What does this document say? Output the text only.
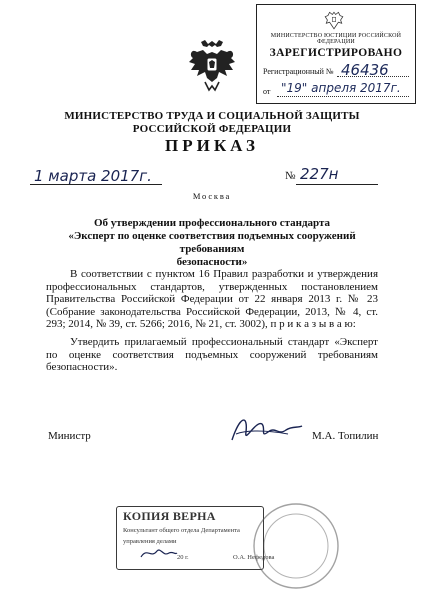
МИНИСТЕРСТВО ЮСТИЦИИ РОССИЙСКОЙ ФЕДЕРАЦИИ
ЗАРЕГИСТРИРОВАНО
Регистрационный № 46436
от "19" апреля 2017г.
МИНИСТЕРСТВО ТРУДА И СОЦИАЛЬНОЙ ЗАЩИТЫ
РОССИЙСКОЙ ФЕДЕРАЦИИ
ПРИКАЗ
1 марта 2017г.	№ 227н
Москва
Об утверждении профессионального стандарта
«Эксперт по оценке соответствия подъемных сооружений требованиям
безопасности»
В соответствии с пунктом 16 Правил разработки и утверждения профессиональных стандартов, утвержденных постановлением Правительства Российской Федерации от 22 января 2013 г. № 23 (Собрание законодательства Российской Федерации, 2013, № 4, ст. 293; 2014, № 39, ст. 5266; 2016, № 21, ст. 3002), п р и к а з ы в а ю:
Утвердить прилагаемый профессиональный стандарт «Эксперт по оценке соответствия подъемных сооружений требованиям безопасности».
Министр	М.А. Топилин
КОПИЯ ВЕРНА
Консультант общего отдела Департамента
управления делами
20 г.	О.А. Нефедова
